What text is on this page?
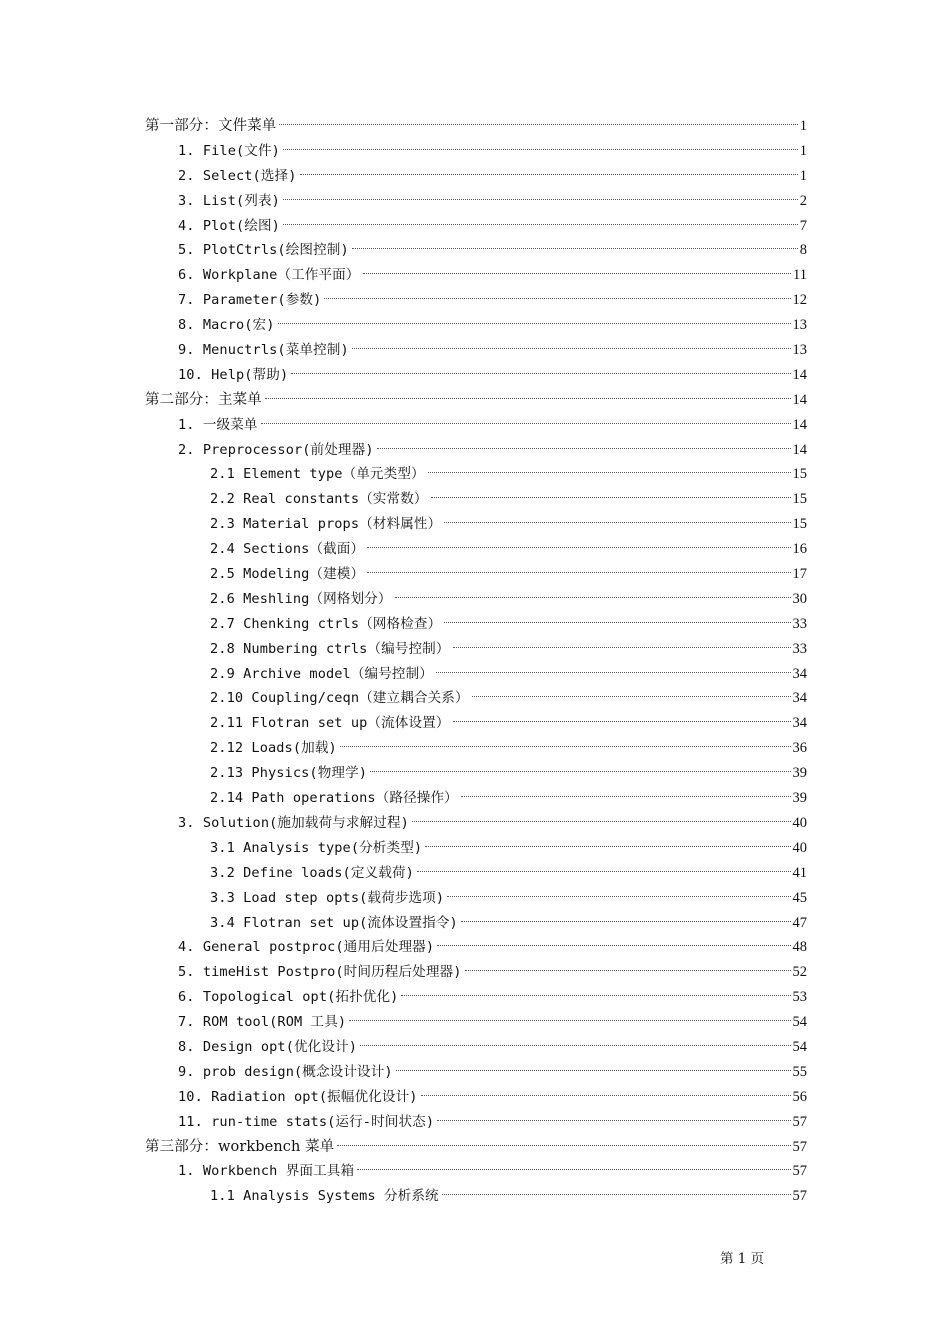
第一部分：文件菜单	1
1. File(文件)	1
2. Select(选择)	1
3. List(列表)	2
4. Plot(绘图)	7
5. PlotCtrls(绘图控制)	8
6. Workplane（工作平面）	11
7. Parameter(参数)	12
8. Macro(宏)	13
9. Menuctrls(菜单控制)	13
10. Help(帮助)	14
第二部分：主菜单	14
1. 一级菜单	14
2. Preprocessor(前处理器)	14
2.1 Element type（单元类型）	15
2.2 Real constants（实常数）	15
2.3 Material props（材料属性）	15
2.4 Sections（截面）	16
2.5 Modeling（建模）	17
2.6 Meshling（网格划分）	30
2.7 Chenking ctrls（网格检查）	33
2.8 Numbering ctrls（编号控制）	33
2.9 Archive model（编号控制）	34
2.10 Coupling/ceqn（建立耦合关系）	34
2.11 Flotran set up（流体设置）	34
2.12 Loads(加载)	36
2.13 Physics(物理学)	39
2.14 Path operations（路径操作）	39
3. Solution(施加载荷与求解过程)	40
3.1 Analysis type(分析类型)	40
3.2 Define loads(定义载荷)	41
3.3 Load step opts(载荷步选项)	45
3.4 Flotran set up(流体设置指令)	47
4. General postproc(通用后处理器)	48
5. timeHist Postpro(时间历程后处理器)	52
6. Topological opt(拓扑优化)	53
7. ROM tool(ROM 工具)	54
8. Design opt(优化设计)	54
9. prob design(概念设计设计)	55
10. Radiation opt(振幅优化设计)	56
11. run-time stats(运行-时间状态)	57
第三部分：workbench 菜单	57
1. Workbench 界面工具箱	57
1.1 Analysis Systems 分析系统	57
第 1 页
